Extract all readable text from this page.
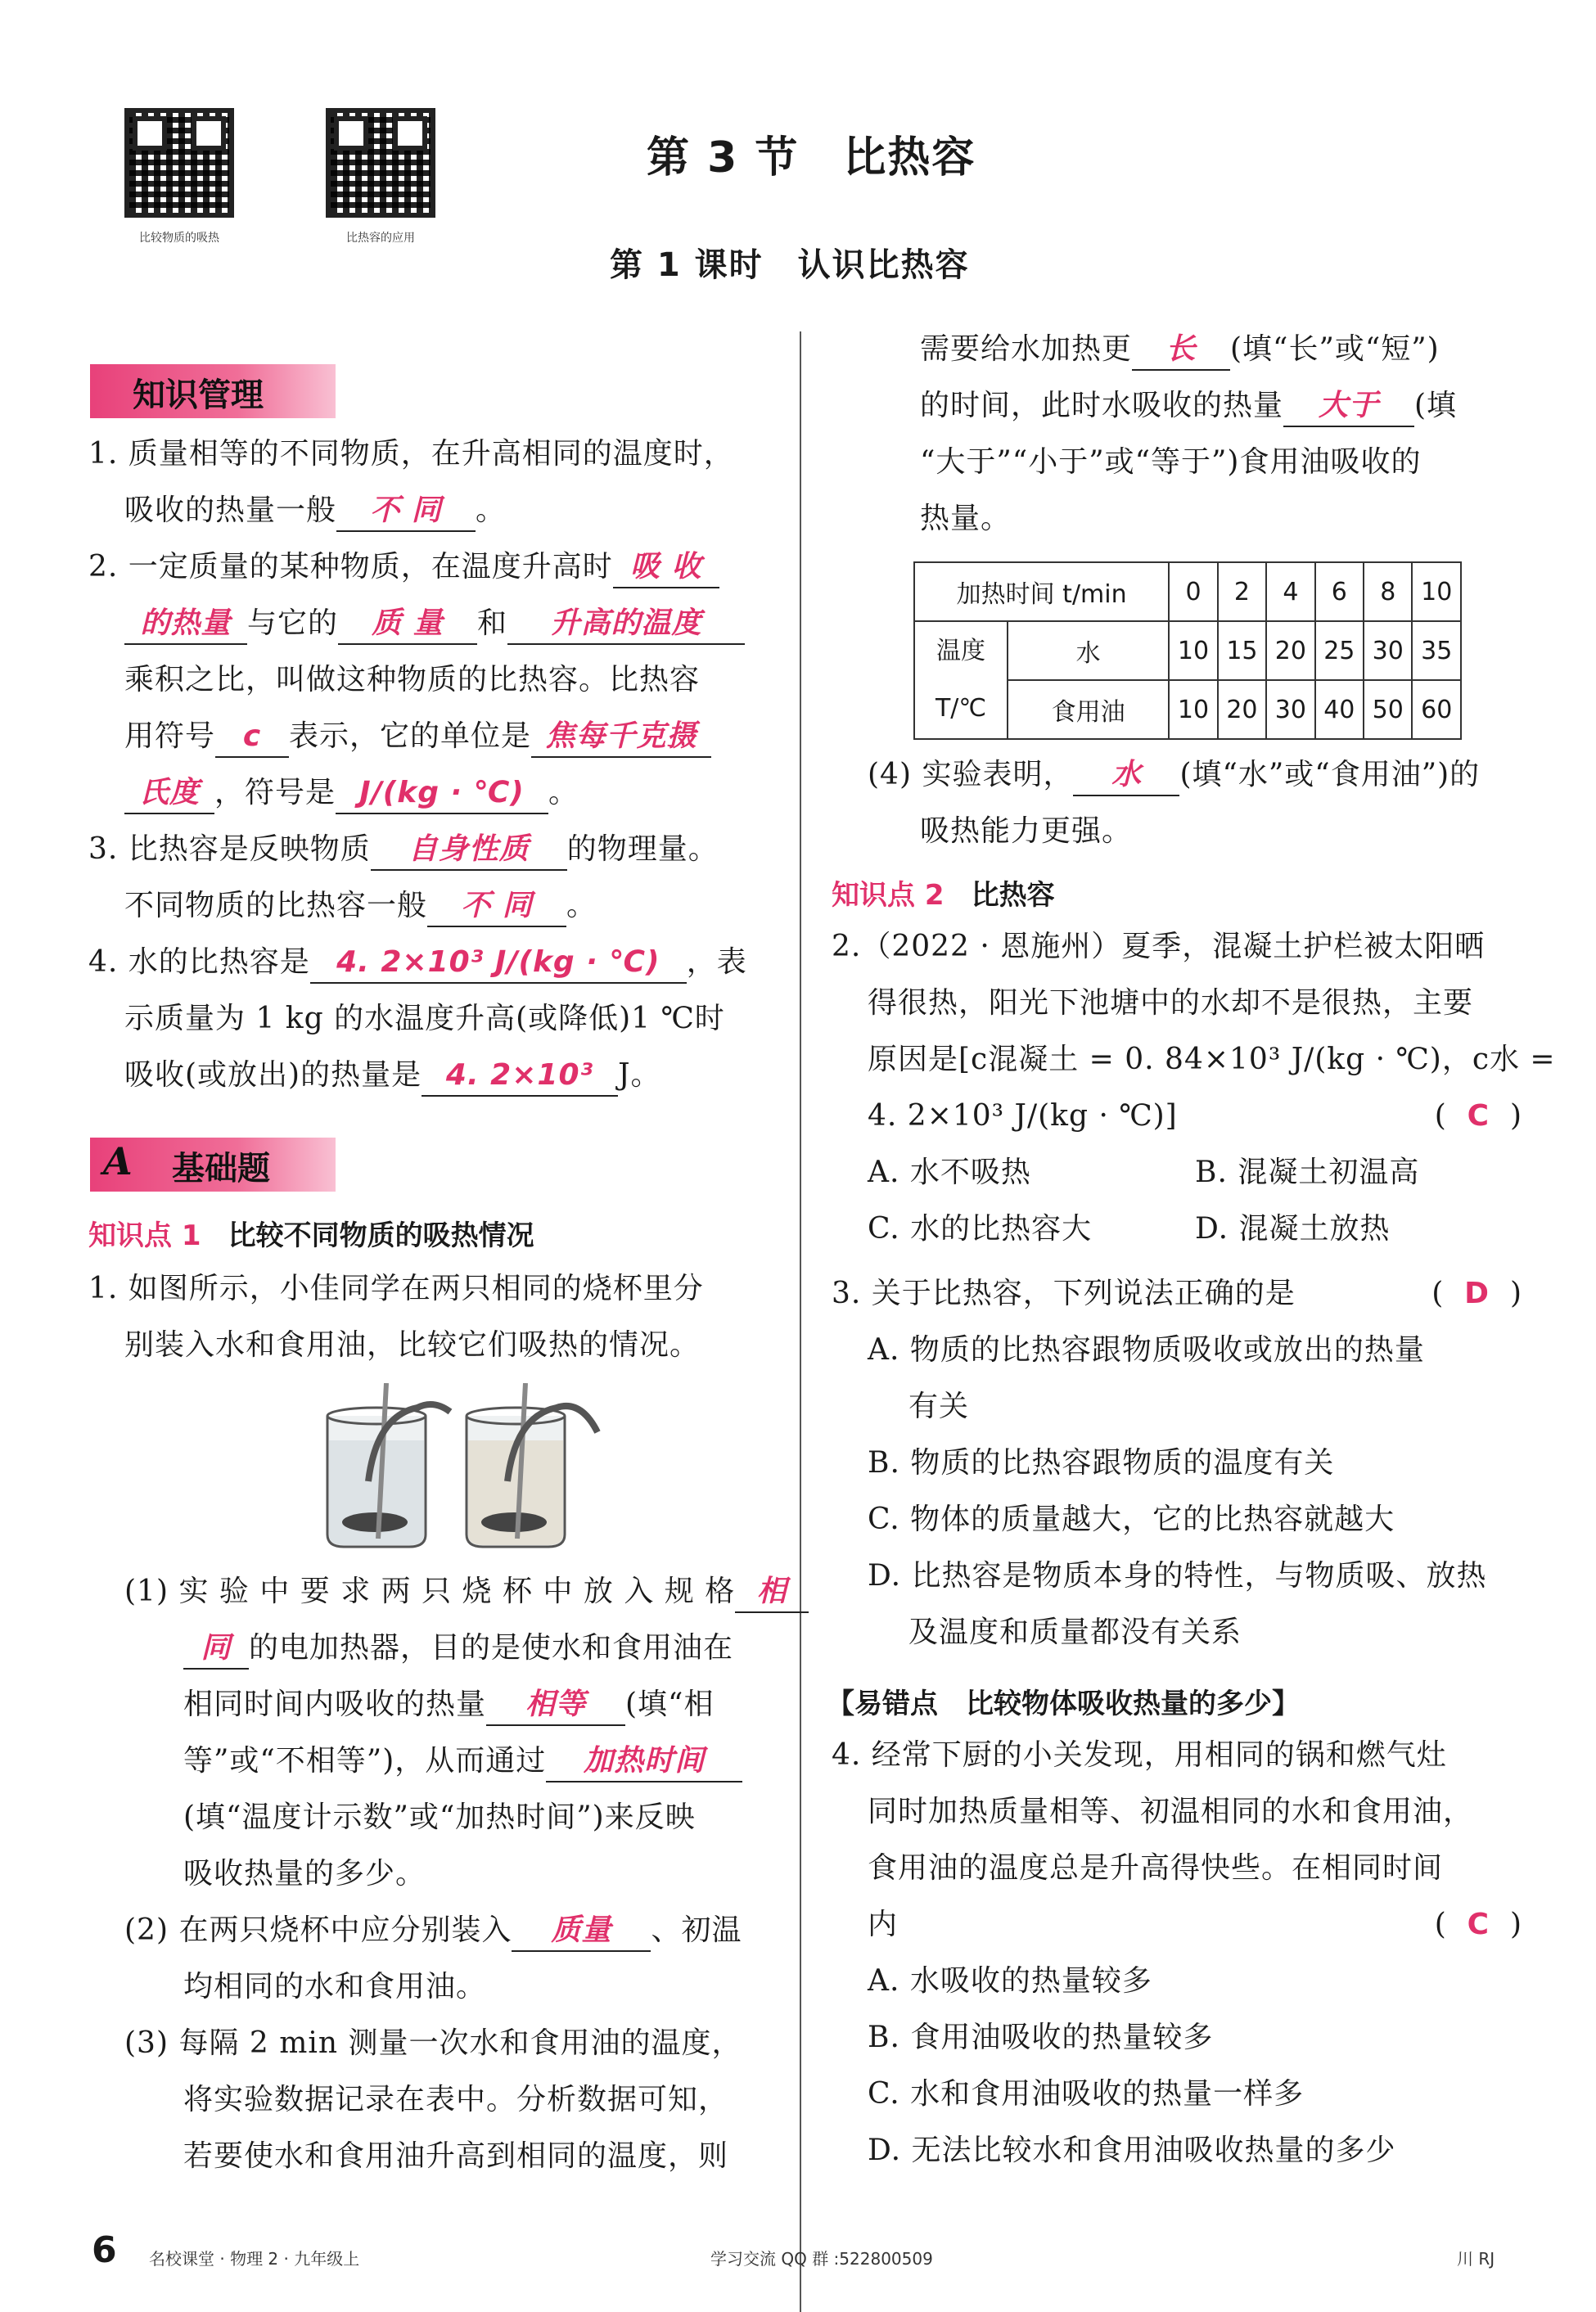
比较物质的吸热	比热容的应用
第 3 节　比热容
第 1 课时　认识比热容
知识管理
1. 质量相等的不同物质，在升高相同的温度时，
吸收的热量一般 不 同 。
2. 一定质量的某种物质，在温度升高时 吸 收
的热量 与它的 质 量 和 升高的温度
乘积之比，叫做这种物质的比热容。比热容
用符号 c 表示，它的单位是 焦每千克摄
氏度 ，符号是 J/(kg · ℃) 。
3. 比热容是反映物质 自身性质 的物理量。
不同物质的比热容一般 不 同 。
4. 水的比热容是 4. 2×10³ J/(kg · ℃) ，表
示质量为 1 kg 的水温度升高(或降低)1 ℃时
吸收(或放出)的热量是 4. 2×10³ J。
A 基础题
知识点 1 比较不同物质的吸热情况
1. 如图所示，小佳同学在两只相同的烧杯里分
别装入水和食用油，比较它们吸热的情况。
(1) 实 验 中 要 求 两 只 烧 杯 中 放 入 规 格 相
同 的电加热器，目的是使水和食用油在
相同时间内吸收的热量 相等 (填“相
等”或“不相等”)，从而通过 加热时间
(填“温度计示数”或“加热时间”)来反映
吸收热量的多少。
(2) 在两只烧杯中应分别装入 质量 、初温
均相同的水和食用油。
(3) 每隔 2 min 测量一次水和食用油的温度，
将实验数据记录在表中。分析数据可知，
若要使水和食用油升高到相同的温度，则
需要给水加热更 长 (填“长”或“短”)
的时间，此时水吸收的热量 大于 (填
“大于”“小于”或“等于”)食用油吸收的
热量。
加热时间 t/min		0	2	4	6	8	10
温度
T/℃	水	10	15	20	25	30	35
	食用油	10	20	30	40	50	60
(4) 实验表明， 水 (填“水”或“食用油”)的
吸热能力更强。
知识点 2 比热容
2.（2022 · 恩施州）夏季，混凝土护栏被太阳晒
得很热，阳光下池塘中的水却不是很热，主要
原因是[c混凝土 = 0. 84×10³ J/(kg · ℃)，c水 =
4. 2×10³ J/(kg · ℃)]	(  C  )
A. 水不吸热	B. 混凝土初温高
C. 水的比热容大	D. 混凝土放热
3. 关于比热容，下列说法正确的是	(  D  )
A. 物质的比热容跟物质吸收或放出的热量
有关
B. 物质的比热容跟物质的温度有关
C. 物体的质量越大，它的比热容就越大
D. 比热容是物质本身的特性，与物质吸、放热
及温度和质量都没有关系
【易错点　比较物体吸收热量的多少】
4. 经常下厨的小关发现，用相同的锅和燃气灶
同时加热质量相等、初温相同的水和食用油，
食用油的温度总是升高得快些。在相同时间
内	(  C  )
A. 水吸收的热量较多
B. 食用油吸收的热量较多
C. 水和食用油吸收的热量一样多
D. 无法比较水和食用油吸收热量的多少
6 名校课堂 · 物理 2 · 九年级上	学习交流 QQ 群 :522800509	川 RJ
